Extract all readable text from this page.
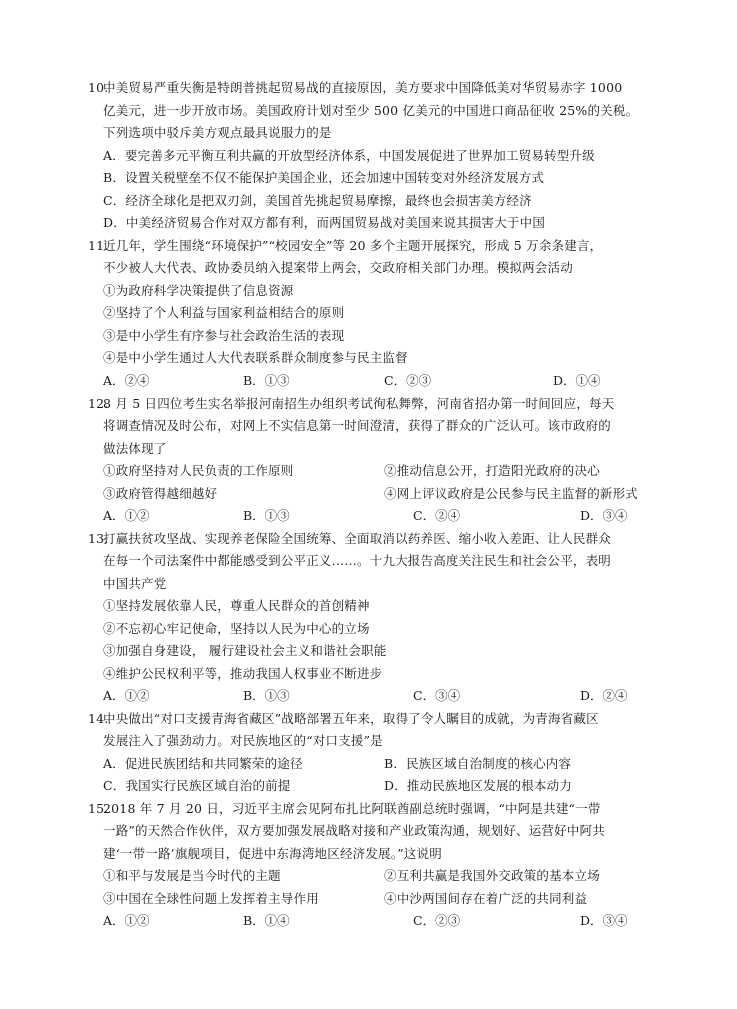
10.
中美贸易严重失衡是特朗普挑起贸易战的直接原因，美方要求中国降低美对华贸易赤字 1000
亿美元，进一步开放市场。美国政府计划对至少 500 亿美元的中国进口商品征收 25%的关税。
下列选项中驳斥美方观点最具说服力的是
A．要完善多元平衡互利共赢的开放型经济体系，中国发展促进了世界加工贸易转型升级
B．设置关税壁垒不仅不能保护美国企业，还会加速中国转变对外经济发展方式
C．经济全球化是把双刃剑，美国首先挑起贸易摩擦，最终也会损害美方经济
D．中美经济贸易合作对双方都有利，而两国贸易战对美国来说其损害大于中国
11.
近几年，学生围绕“环境保护”“校园安全”等 20 多个主题开展探究，形成 5 万余条建言，
不少被人大代表、政协委员纳入提案带上两会，交政府相关部门办理。模拟两会活动
①为政府科学决策提供了信息资源
②坚持了个人利益与国家利益相结合的原则
③是中小学生有序参与社会政治生活的表现
④是中小学生通过人大代表联系群众制度参与民主监督
A．②④	B．①③	C．②③	D．①④
12.
8 月 5 日四位考生实名举报河南招生办组织考试徇私舞弊，河南省招办第一时间回应，每天
将调查情况及时公布，对网上不实信息第一时间澄清，获得了群众的广泛认可。该市政府的
做法体现了
①政府坚持对人民负责的工作原则	②推动信息公开，打造阳光政府的决心
③政府管得越细越好	④网上评议政府是公民参与民主监督的新形式
A．①②	B．①③	C．②④	D．③④
13.
打赢扶贫攻坚战、实现养老保险全国统筹、全面取消以药养医、缩小收入差距、让人民群众
在每一个司法案件中都能感受到公平正义……。十九大报告高度关注民生和社会公平，表明
中国共产党
①坚持发展依靠人民，尊重人民群众的首创精神
②不忘初心牢记使命，坚持以人民为中心的立场
③加强自身建设， 履行建设社会主义和谐社会职能
④维护公民权利平等，推动我国人权事业不断进步
A．①②	B．①③	C．③④	D．②④
14.
中央做出“对口支援青海省藏区”战略部署五年来，取得了令人瞩目的成就，为青海省藏区
发展注入了强劲动力。对民族地区的“对口支援”是
A．促进民族团结和共同繁荣的途径	B．民族区域自治制度的核心内容
C．我国实行民族区域自治的前提	D．推动民族地区发展的根本动力
15.
2018 年 7 月 20 日，习近平主席会见阿布扎比阿联酋副总统时强调，“中阿是共建“一带
一路”的天然合作伙伴，双方要加强发展战略对接和产业政策沟通，规划好、运营好中阿共
建‘一带一路’旗舰项目，促进中东海湾地区经济发展。”这说明
①和平与发展是当今时代的主题	②互利共赢是我国外交政策的基本立场
③中国在全球性问题上发挥着主导作用	④中沙两国间存在着广泛的共同利益
A．①②	B．①④	C．②③	D．③④
